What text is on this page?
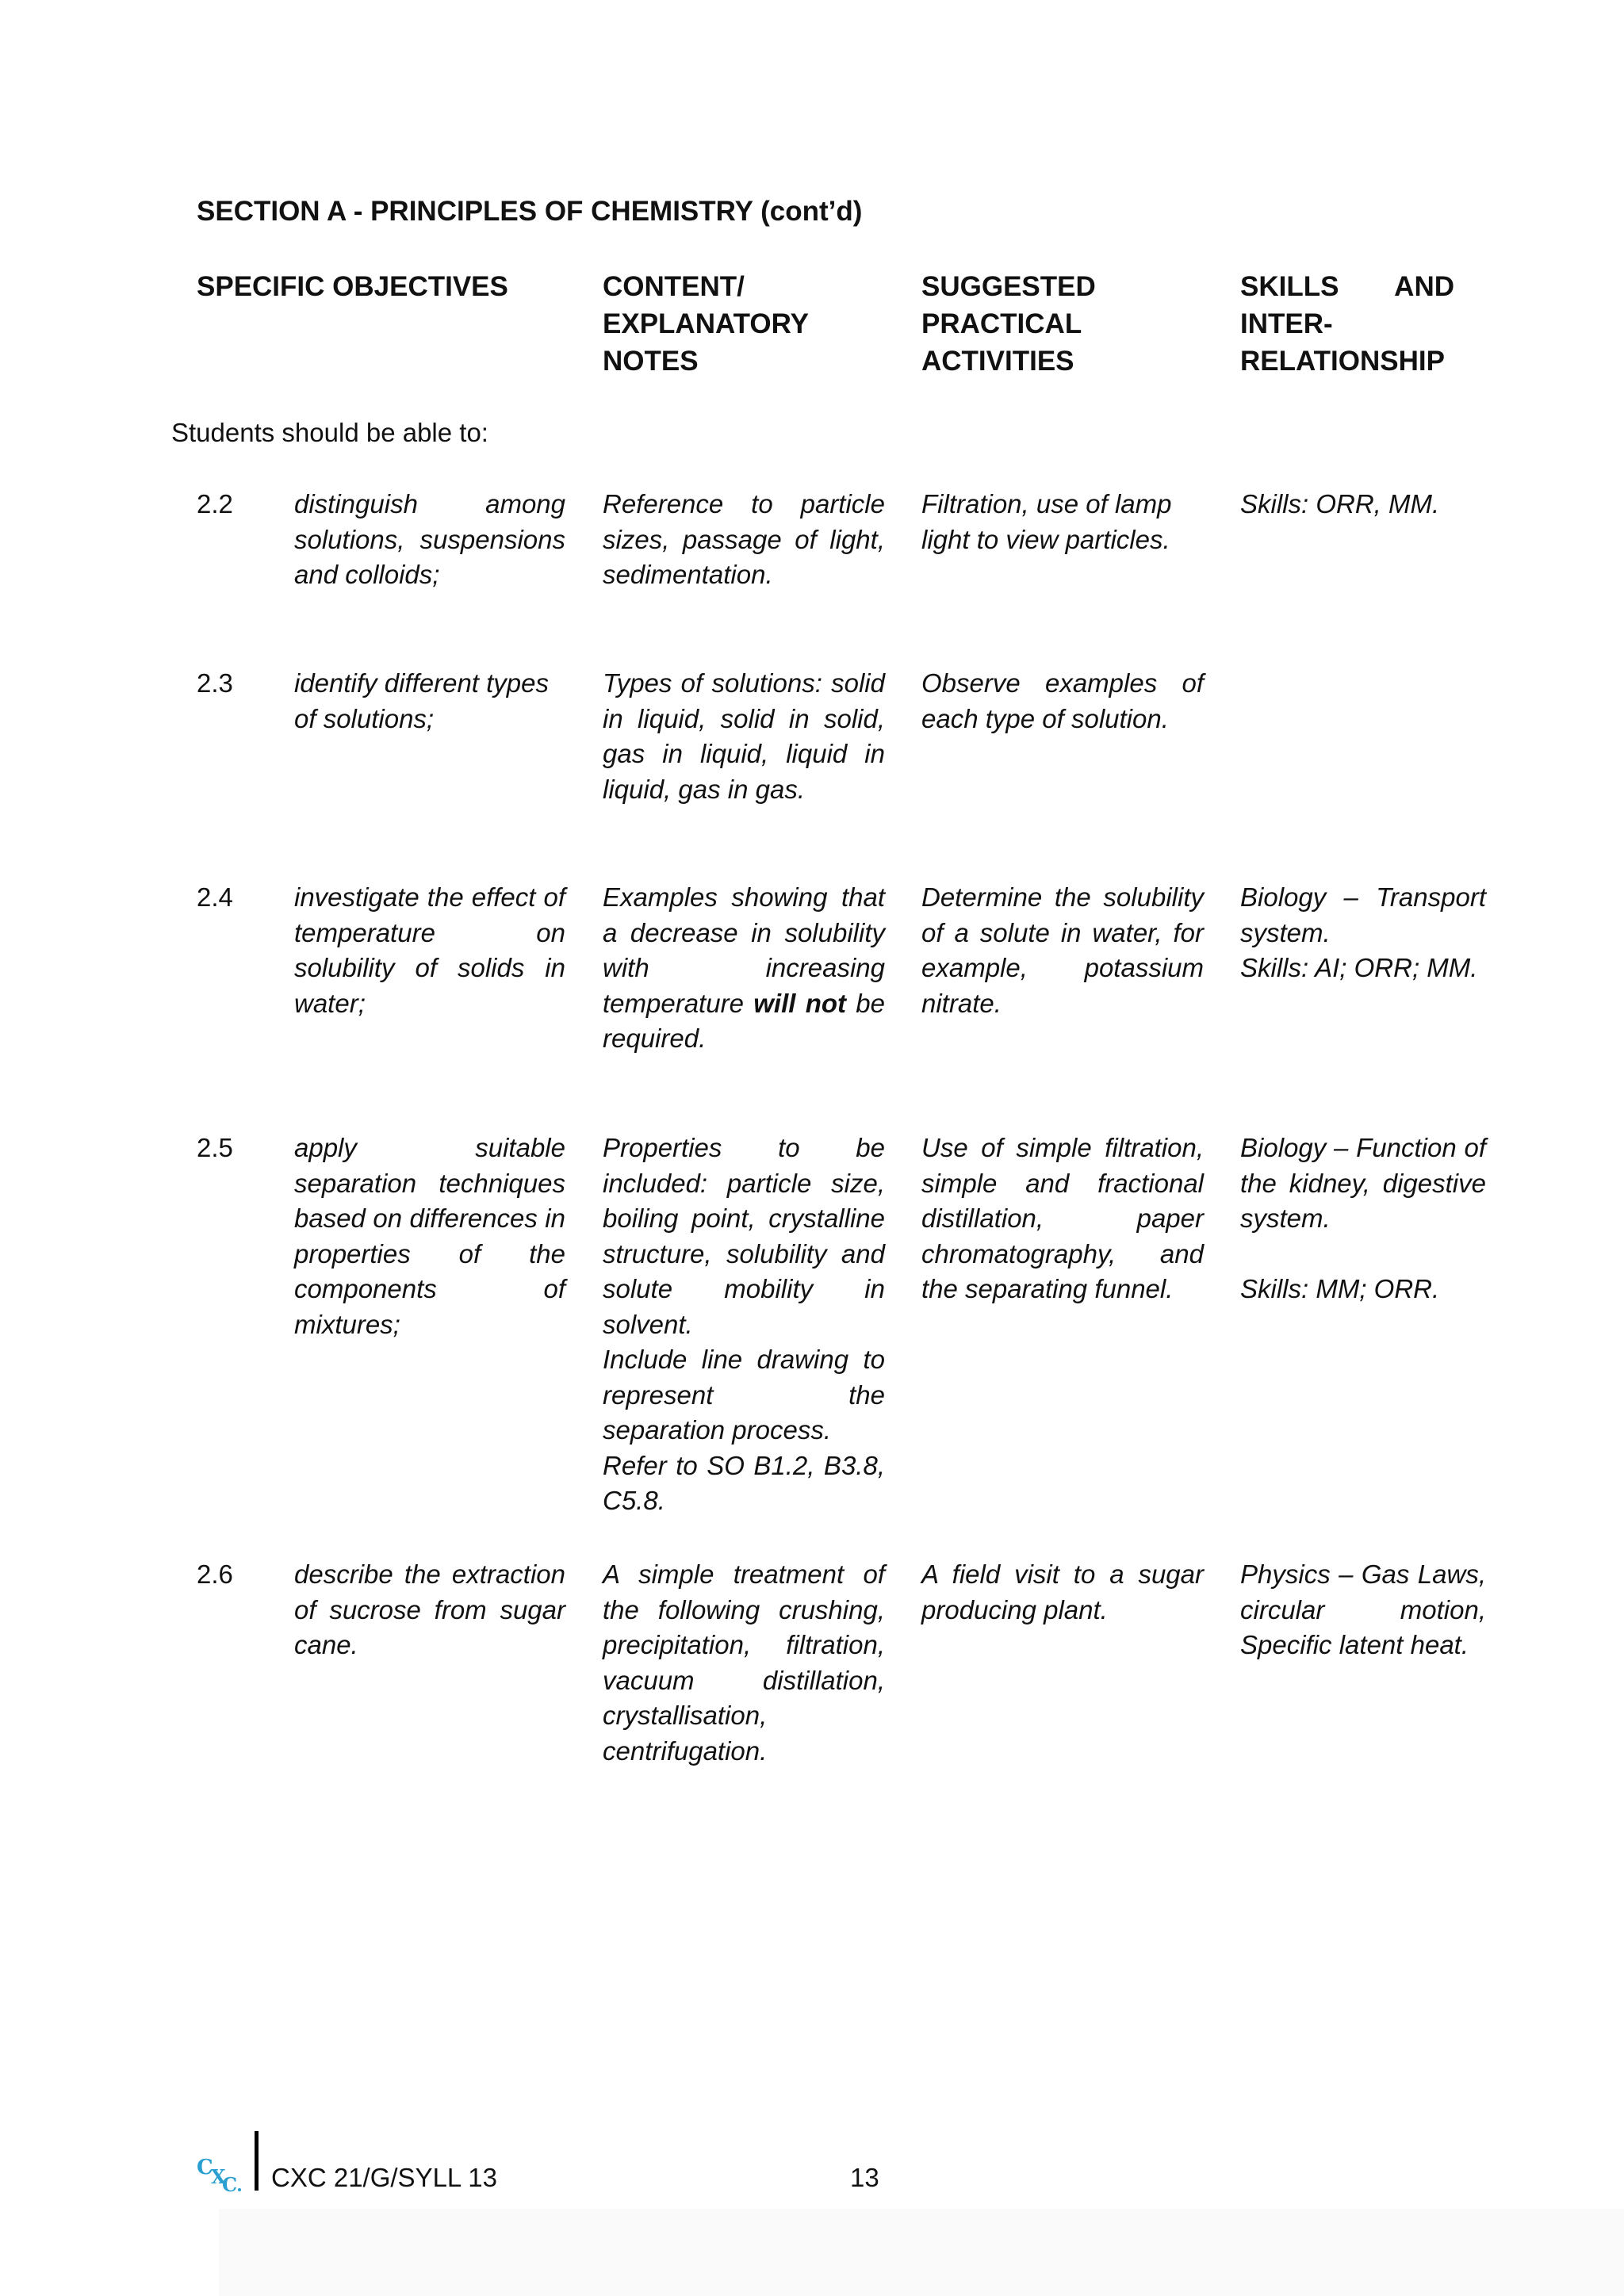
SECTION A - PRINCIPLES OF CHEMISTRY (cont’d)
SPECIFIC OBJECTIVES	CONTENT/
EXPLANATORY
NOTES
SUGGESTED
PRACTICAL
ACTIVITIES
SKILLS AND
INTER-
RELATIONSHIP
Students should be able to:
2.2 distinguish among solutions, suspensions and colloids;
Reference to particle sizes, passage of light, sedimentation.
Filtration, use of lamp light to view particles.
Skills: ORR, MM.
2.3 identify different types of solutions;
Types of solutions: solid in liquid, solid in solid, gas in liquid, liquid in liquid, gas in gas.
Observe examples of each type of solution.
2.4 investigate the effect of temperature on solubility of solids in water;
Examples showing that a decrease in solubility with increasing temperature will not be required.
Determine the solubility of a solute in water, for example, potassium nitrate.
Biology – Transport system.
Skills: AI; ORR; MM.
2.5 apply suitable separation techniques based on differences in properties of the components of mixtures;
Properties to be included: particle size, boiling point, crystalline structure, solubility and solute mobility in solvent.
Include line drawing to represent the separation process.
Refer to SO B1.2, B3.8, C5.8.
Use of simple filtration, simple and fractional distillation, paper chromatography, and the separating funnel.
Biology – Function of the kidney, digestive system.
Skills: MM; ORR.
2.6 describe the extraction of sucrose from sugar cane.
A simple treatment of the following crushing, precipitation, filtration, vacuum distillation, crystallisation, centrifugation.
A field visit to a sugar producing plant.
Physics – Gas Laws, circular motion, Specific latent heat.
C
X
C CXC 21/G/SYLL 13	13
